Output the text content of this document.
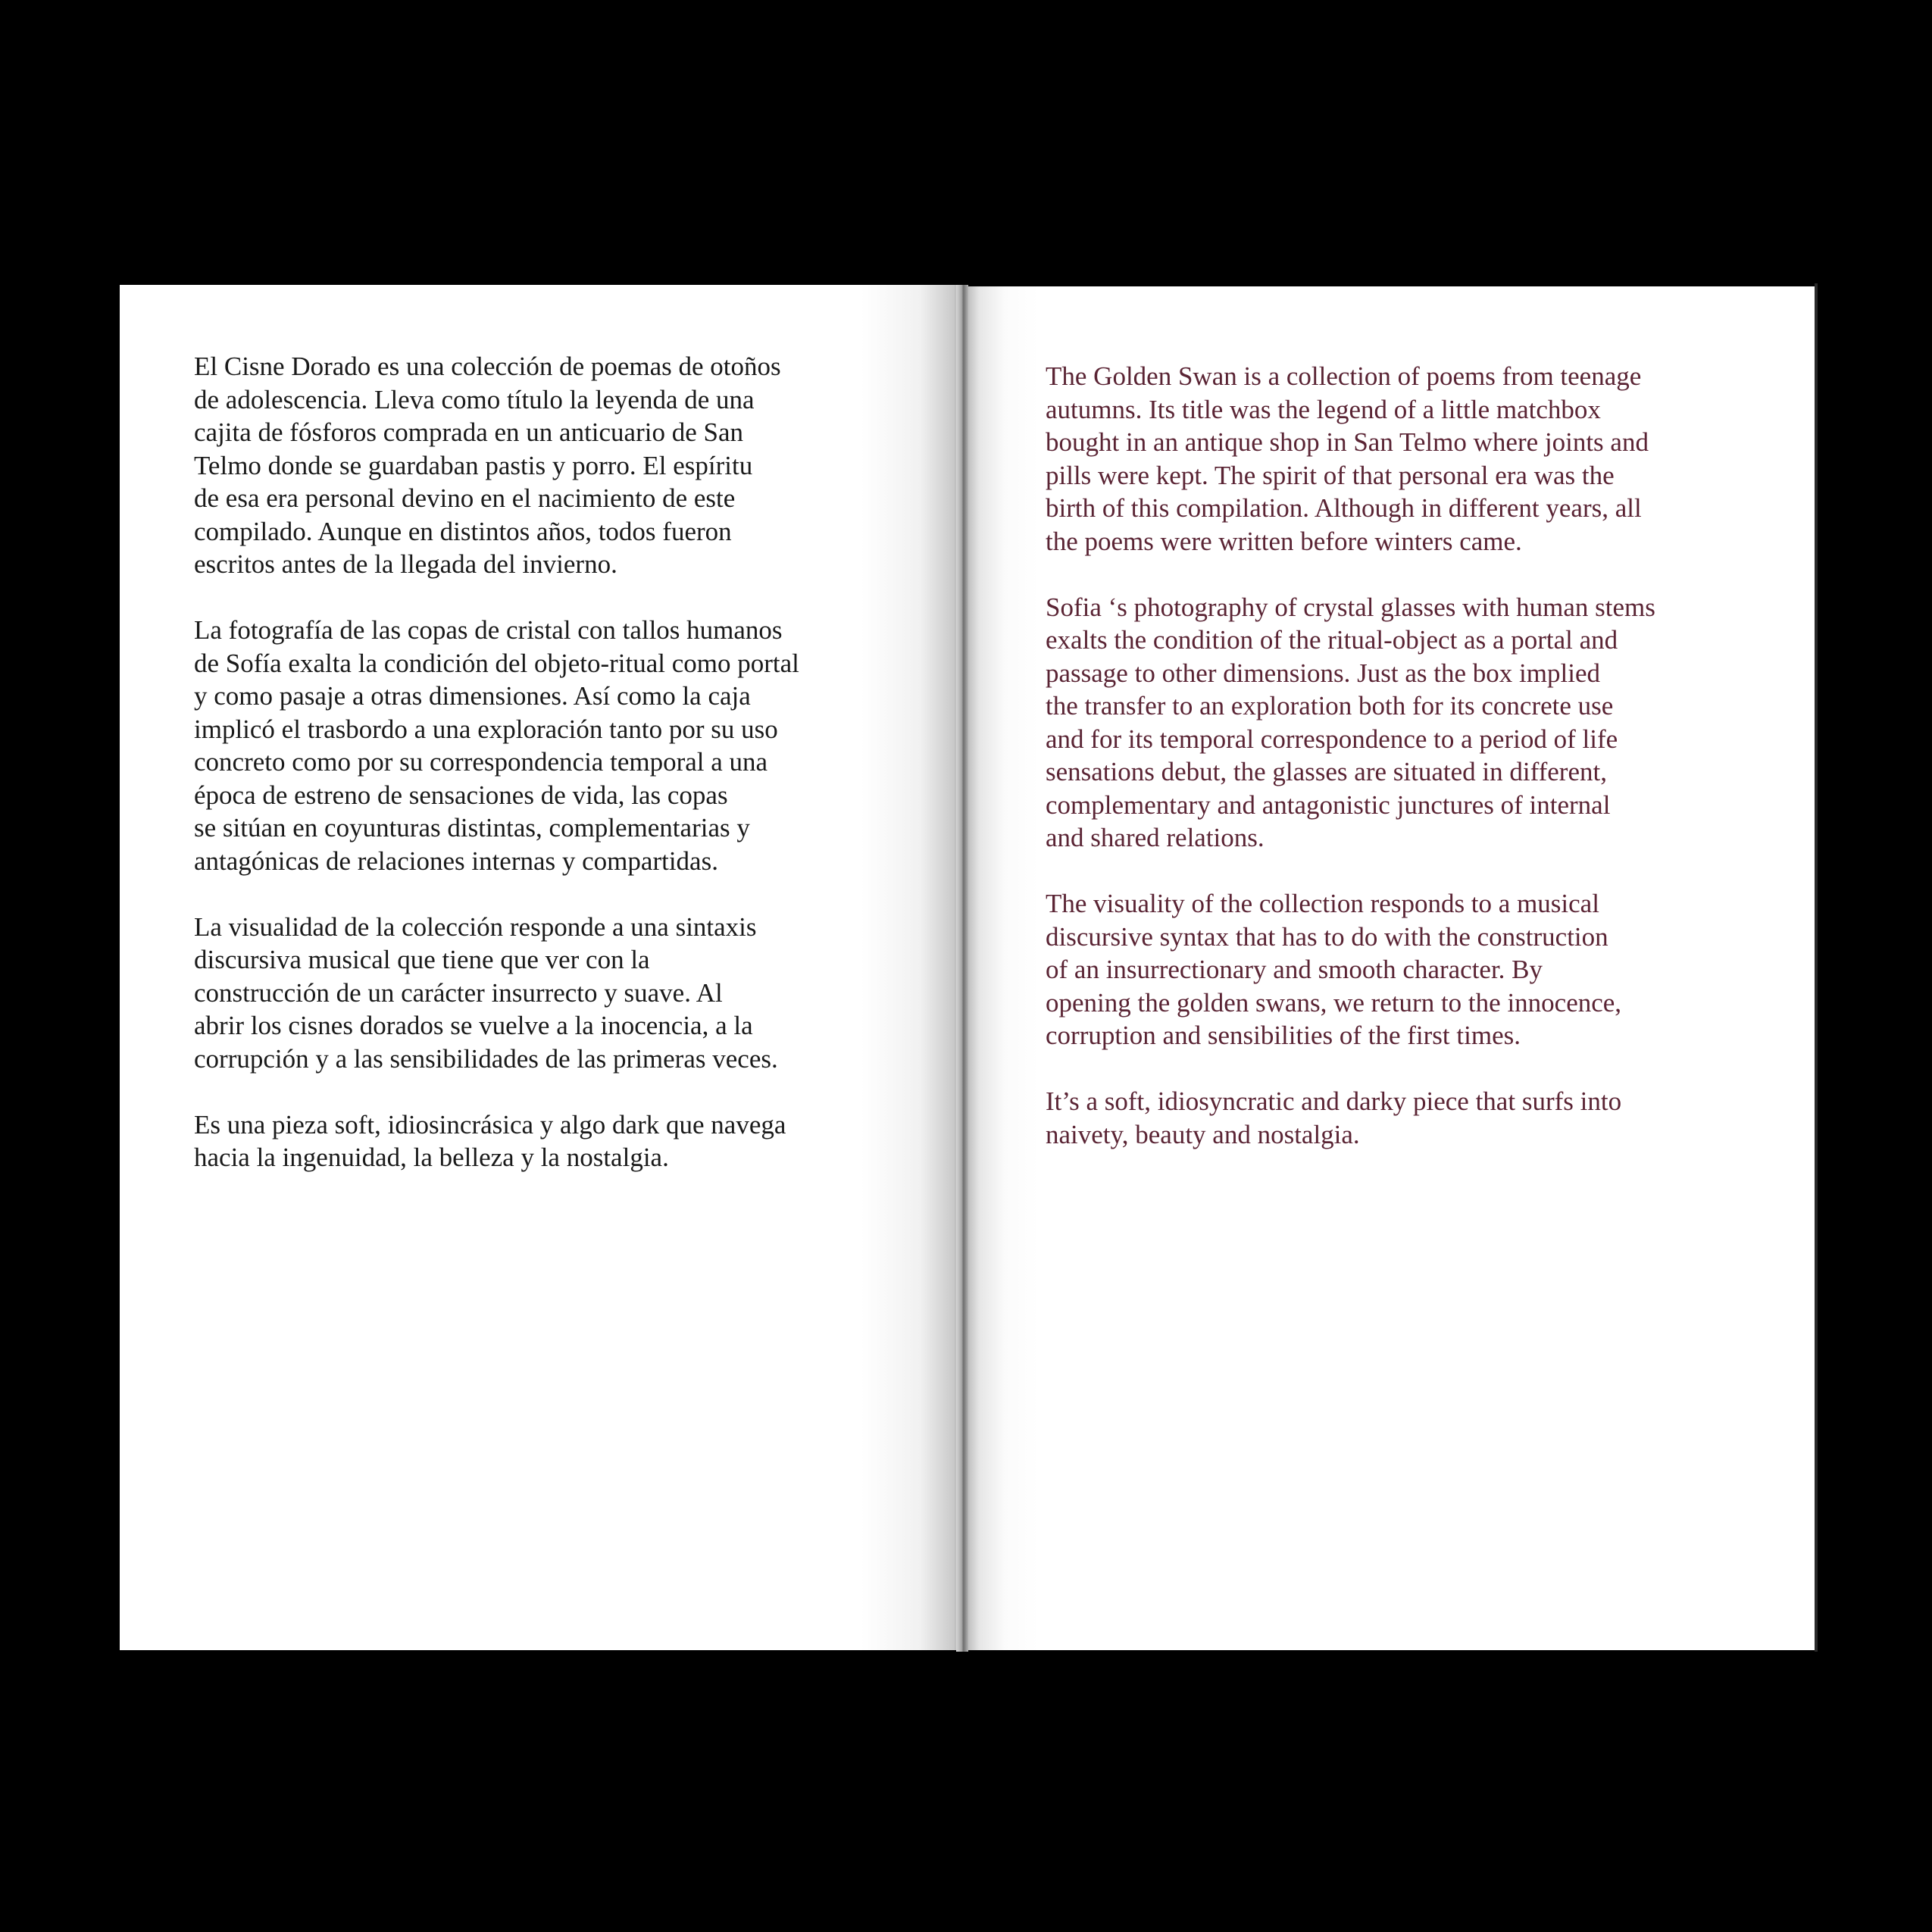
El Cisne Dorado es una colección de poemas de otoños
de adolescencia. Lleva como título la leyenda de una
cajita de fósforos comprada en un anticuario de San
Telmo donde se guardaban pastis y porro. El espíritu
de esa era personal devino en el nacimiento de este
compilado. Aunque en distintos años, todos fueron
escritos antes de la llegada del invierno.

La fotografía de las copas de cristal con tallos humanos
de Sofía exalta la condición del objeto-ritual como portal
y como pasaje a otras dimensiones. Así como la caja
implicó el trasbordo a una exploración tanto por su uso
concreto como por su correspondencia temporal a una
época de estreno de sensaciones de vida, las copas
se sitúan en coyunturas distintas, complementarias y
antagónicas de relaciones internas y compartidas.

La visualidad de la colección responde a una sintaxis
discursiva musical que tiene que ver con la
construcción de un carácter insurrecto y suave. Al
abrir los cisnes dorados se vuelve a la inocencia, a la
corrupción y a las sensibilidades de las primeras veces.

Es una pieza soft, idiosincrásica y algo dark que navega
hacia la ingenuidad, la belleza y la nostalgia.

The Golden Swan is a collection of poems from teenage
autumns. Its title was the legend of a little matchbox
bought in an antique shop in San Telmo where joints and
pills were kept. The spirit of that personal era was the
birth of this compilation. Although in different years, all
the poems were written before winters came.

Sofia ‘s photography of crystal glasses with human stems
exalts the condition of the ritual-object as a portal and
passage to other dimensions. Just as the box implied
the transfer to an exploration both for its concrete use
and for its temporal correspondence to a period of life
sensations debut, the glasses are situated in different,
complementary and antagonistic junctures of internal
and shared relations.

The visuality of the collection responds to a musical
discursive syntax that has to do with the construction
of an insurrectionary and smooth character. By
opening the golden swans, we return to the innocence,
corruption and sensibilities of the first times.

It’s a soft, idiosyncratic and darky piece that surfs into
naivety, beauty and nostalgia.
